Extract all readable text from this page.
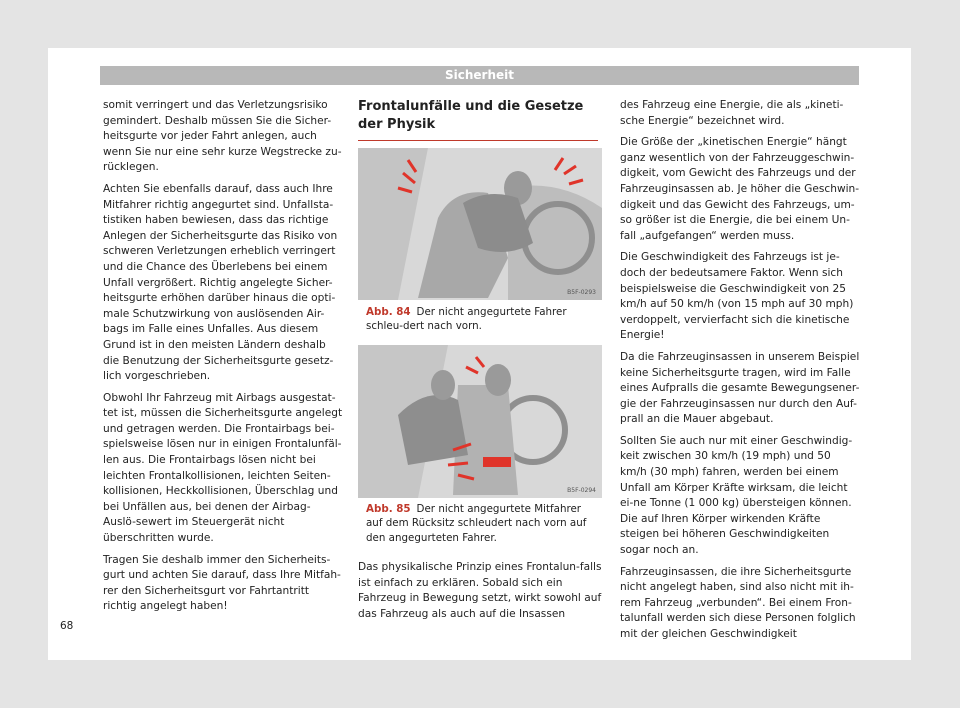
Sicherheit

somit verringert und das Verletzungsrisiko gemindert. Deshalb müssen Sie die Sicher-heitsgurte vor jeder Fahrt anlegen, auch wenn Sie nur eine sehr kurze Wegstrecke zu-rücklegen.

Achten Sie ebenfalls darauf, dass auch Ihre Mitfahrer richtig angegurtet sind. Unfallsta-tistiken haben bewiesen, dass das richtige Anlegen der Sicherheitsgurte das Risiko von schweren Verletzungen erheblich verringert und die Chance des Überlebens bei einem Unfall vergrößert. Richtig angelegte Sicher-heitsgurte erhöhen darüber hinaus die opti-male Schutzwirkung von auslösenden Air-bags im Falle eines Unfalles. Aus diesem Grund ist in den meisten Ländern deshalb die Benutzung der Sicherheitsgurte gesetz-lich vorgeschrieben.

Obwohl Ihr Fahrzeug mit Airbags ausgestat-tet ist, müssen die Sicherheitsgurte angelegt und getragen werden. Die Frontairbags bei-spielsweise lösen nur in einigen Frontalunfäl-len aus. Die Frontairbags lösen nicht bei leichten Frontalkollisionen, leichten Seiten-kollisionen, Heckkollisionen, Überschlag und bei Unfällen aus, bei denen der Airbag-Auslö-sewert im Steuergerät nicht überschritten wurde.

Tragen Sie deshalb immer den Sicherheits-gurt und achten Sie darauf, dass Ihre Mitfah-rer den Sicherheitsgurt vor Fahrtantritt richtig angelegt haben!

Frontalunfälle und die Gesetze der Physik
B5F-0293
Abb. 84 Der nicht angegurtete Fahrer schleu-dert nach vorn.
B5F-0294
Abb. 85 Der nicht angegurtete Mitfahrer auf dem Rücksitz schleudert nach vorn auf den angegurteten Fahrer.
Das physikalische Prinzip eines Frontalun-falls ist einfach zu erklären. Sobald sich ein Fahrzeug in Bewegung setzt, wirkt sowohl auf das Fahrzeug als auch auf die Insassen

des Fahrzeug eine Energie, die als „kineti-sche Energie“ bezeichnet wird.

Die Größe der „kinetischen Energie“ hängt ganz wesentlich von der Fahrzeuggeschwin-digkeit, vom Gewicht des Fahrzeugs und der Fahrzeuginsassen ab. Je höher die Geschwin-digkeit und das Gewicht des Fahrzeugs, um-so größer ist die Energie, die bei einem Un-fall „aufgefangen“ werden muss.

Die Geschwindigkeit des Fahrzeugs ist je-doch der bedeutsamere Faktor. Wenn sich beispielsweise die Geschwindigkeit von 25 km/h auf 50 km/h (von 15 mph auf 30 mph) verdoppelt, vervierfacht sich die kinetische Energie!

Da die Fahrzeuginsassen in unserem Beispiel keine Sicherheitsgurte tragen, wird im Falle eines Aufpralls die gesamte Bewegungsener-gie der Fahrzeuginsassen nur durch den Auf-prall an die Mauer abgebaut.

Sollten Sie auch nur mit einer Geschwindig-keit zwischen 30 km/h (19 mph) und 50 km/h (30 mph) fahren, werden bei einem Unfall am Körper Kräfte wirksam, die leicht ei-ne Tonne (1 000 kg) übersteigen können. Die auf Ihren Körper wirkenden Kräfte steigen bei höheren Geschwindigkeiten sogar noch an.

Fahrzeuginsassen, die ihre Sicherheitsgurte nicht angelegt haben, sind also nicht mit ih-rem Fahrzeug „verbunden“. Bei einem Fron-talunfall werden sich diese Personen folglich mit der gleichen Geschwindigkeit

68
